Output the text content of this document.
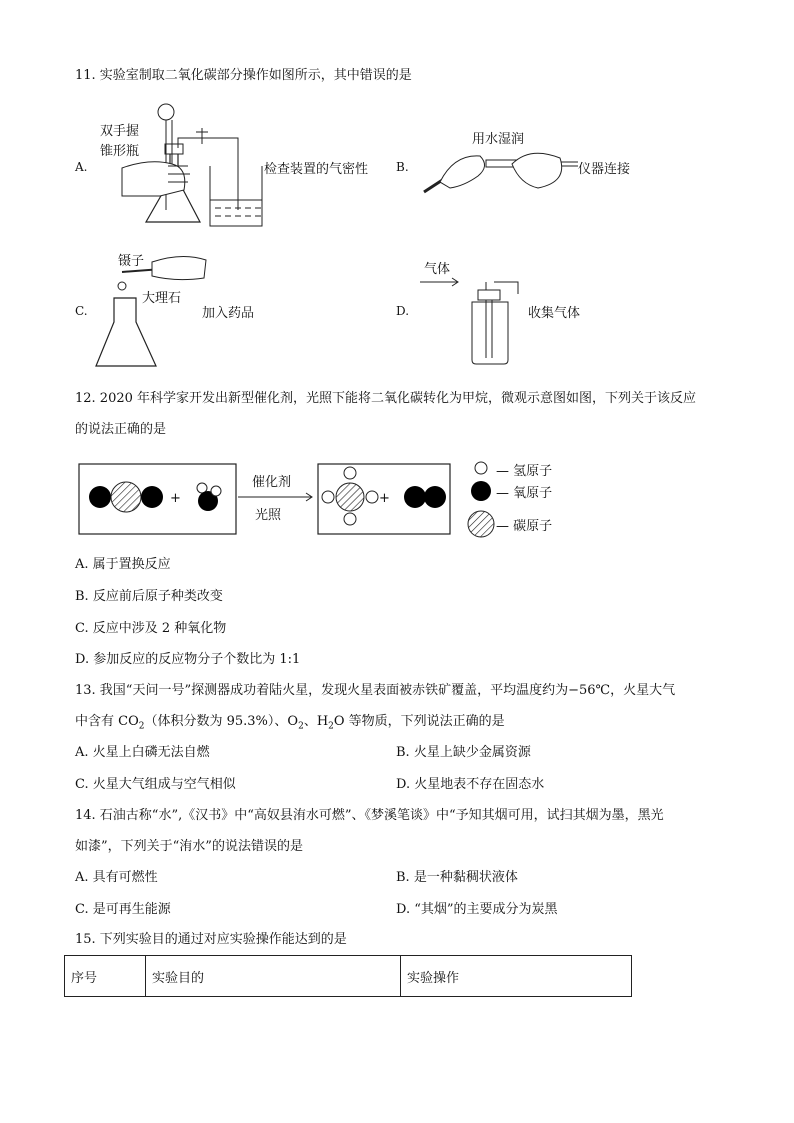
11. 实验室制取二氧化碳部分操作如图所示，其中错误的是
A.
双手握
锥形瓶
检查装置的气密性 B.
用水湿润
仪器连接
C.
镊子
大理石
加入药品	D.
气体
收集气体
12. 2020 年科学家开发出新型催化剂，光照下能将二氧化碳转化为甲烷，微观示意图如图，下列关于该反应
的说法正确的是
+	+
催化剂
光照
— 氢原子
— 氧原子
— 碳原子
A. 属于置换反应
B. 反应前后原子种类改变
C. 反应中涉及 2 种氧化物
D. 参加反应的反应物分子个数比为 1:1
13. 我国“天问一号”探测器成功着陆火星，发现火星表面被赤铁矿覆盖，平均温度约为−56℃，火星大气
中含有 $CO_2$（体积分数为 95.3%）、$O_2$、$H_2O$ 等物质，下列说法正确的是
A. 火星上白磷无法自燃	B. 火星上缺少金属资源
C. 火星大气组成与空气相似	D. 火星地表不存在固态水
14. 石油古称“水”,《汉书》中“高奴县洧水可燃”、《梦溪笔谈》中“予知其烟可用，试扫其烟为墨，黑光
如漆”，下列关于“洧水”的说法错误的是
A. 具有可燃性	B. 是一种黏稠状液体
C. 是可再生能源	D. “其烟”的主要成分为炭黑
15. 下列实验目的通过对应实验操作能达到的是
序号	实验目的	实验操作
